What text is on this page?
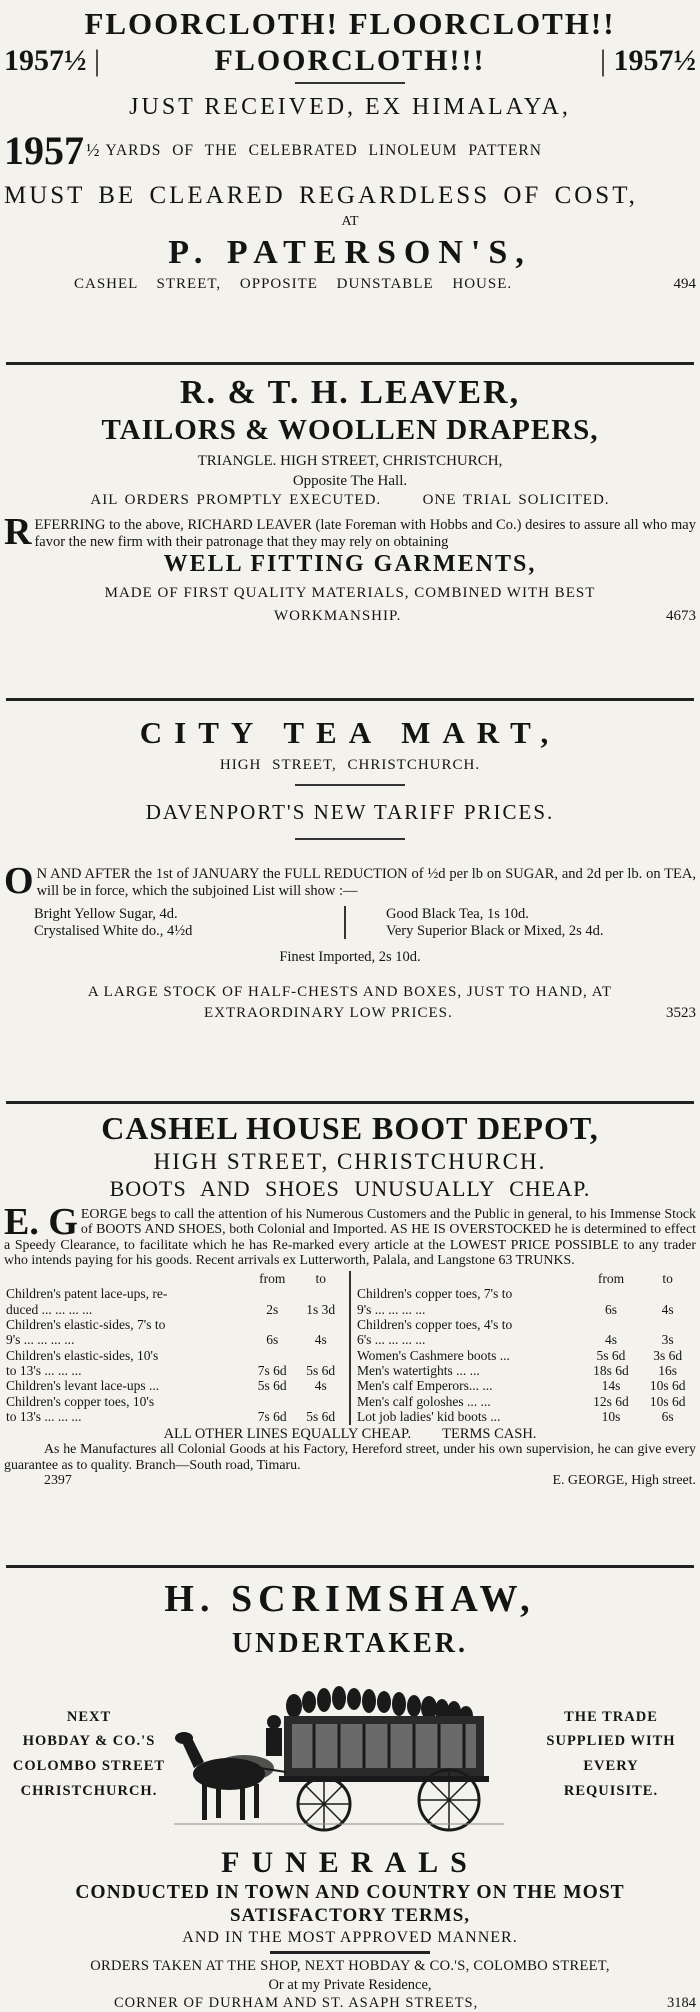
FLOORCLOTH! FLOORCLOTH!!
1957½ |	FLOORCLOTH!!!	| 1957½
JUST RECEIVED, EX HIMALAYA,
1957 ½ YARDS OF THE CELEBRATED LINOLEUM PATTERN
MUST BE CLEARED REGARDLESS OF COST,
AT
P. PATERSON'S,
CASHEL STREET, OPPOSITE DUNSTABLE HOUSE.	494
R. & T. H. LEAVER,
TAILORS & WOOLLEN DRAPERS,
TRIANGLE. HIGH STREET, CHRISTCHURCH,
Opposite The Hall.
AIL ORDERS PROMPTLY EXECUTED.	ONE TRIAL SOLICITED.
REFERRING to the above, RICHARD LEAVER (late Foreman with Hobbs and Co.) desires to assure all who may favor the new firm with their patronage that they may rely on obtaining
WELL FITTING GARMENTS,
MADE OF FIRST QUALITY MATERIALS, COMBINED WITH BEST
WORKMANSHIP.	4673
CITY TEA MART,
HIGH STREET, CHRISTCHURCH.
DAVENPORT'S NEW TARIFF PRICES.
O N AND AFTER the 1st of JANUARY the FULL REDUCTION of ½d per lb on SUGAR, and 2d per lb. on TEA, will be in force, which the subjoined List will show :—
Bright Yellow Sugar, 4d.
Crystalised White do., 4½d
Good Black Tea, 1s 10d.
Very Superior Black or Mixed, 2s 4d.
Finest Imported, 2s 10d.
A LARGE STOCK OF HALF-CHESTS AND BOXES, JUST TO HAND, AT
EXTRAORDINARY LOW PRICES.	3523
CASHEL HOUSE BOOT DEPOT,
HIGH STREET, CHRISTCHURCH.
BOOTS AND SHOES UNUSUALLY CHEAP.
E. G EORGE begs to call the attention of his Numerous Customers and the Public in general, to his Immense Stock of BOOTS AND SHOES, both Colonial and Imported. AS HE IS OVERSTOCKED he is determined to effect a Speedy Clearance, to facilitate which he has Re-marked every article at the LOWEST PRICE POSSIBLE to any trader who intends paying for his goods. Recent arrivals ex Lutterworth, Palala, and Langstone 63 TRUNKS.
	from	to
Children's patent lace-ups, re-		
duced ... ... ... ...	2s	1s 3d
Children's elastic-sides, 7's to		
9's ... ... ... ...	6s	4s
Children's elastic-sides, 10's		
to 13's ... ... ...	7s 6d	5s 6d
Children's levant lace-ups ...	5s 6d	4s
Children's copper toes, 10's		
to 13's ... ... ...	7s 6d	5s 6d
	from	to
Children's copper toes, 7's to		
9's ... ... ... ...	6s	4s
Children's copper toes, 4's to		
6's ... ... ... ...	4s	3s
Women's Cashmere boots ...	5s 6d	3s 6d
Men's watertights ... ...	18s 6d	16s
Men's calf Emperors... ...	14s	10s 6d
Men's calf goloshes ... ...	12s 6d	10s 6d
Lot job ladies' kid boots ...	10s	6s
ALL OTHER LINES EQUALLY CHEAP. TERMS CASH.
As he Manufactures all Colonial Goods at his Factory, Hereford street, under his own supervision, he can give every guarantee as to quality. Branch—South road, Timaru.
2397	E. GEORGE, High street.
H. SCRIMSHAW,
UNDERTAKER.
NEXT
HOBDAY & CO.'S
COLOMBO STREET
CHRISTCHURCH.
THE TRADE
SUPPLIED WITH
EVERY
REQUISITE.
FUNERALS
CONDUCTED IN TOWN AND COUNTRY ON THE MOST
SATISFACTORY TERMS,
AND IN THE MOST APPROVED MANNER.
ORDERS TAKEN AT THE SHOP, NEXT HOBDAY & CO.'S, COLOMBO STREET,
Or at my Private Residence,
CORNER OF DURHAM AND ST. ASAPH STREETS,	3184
